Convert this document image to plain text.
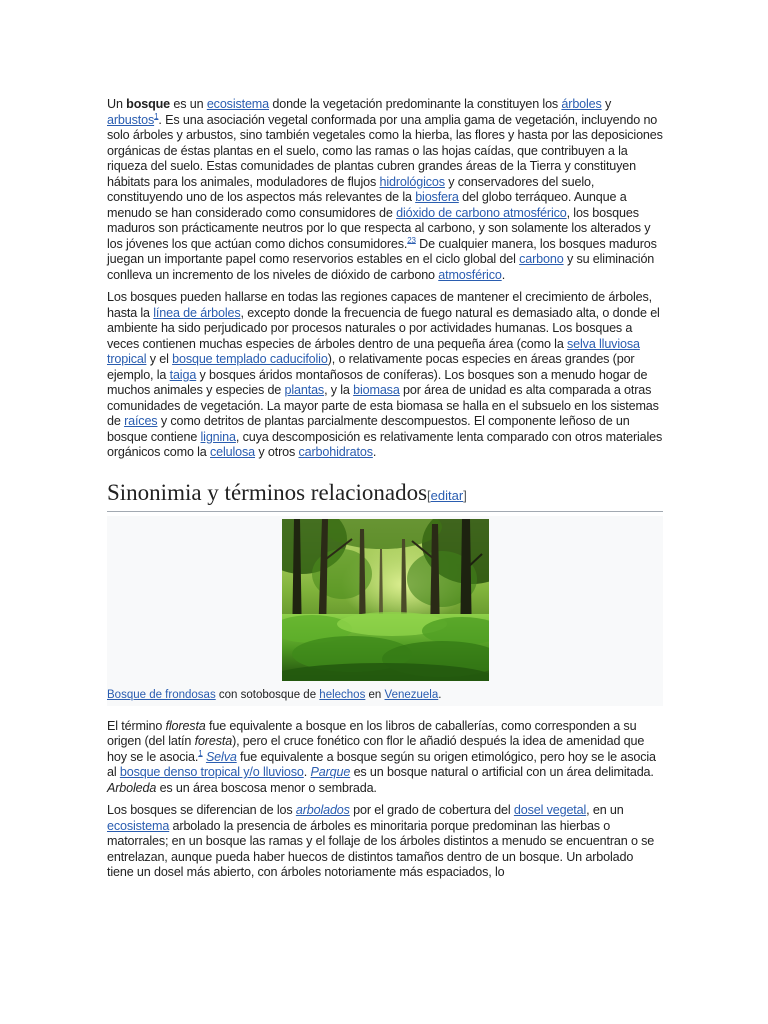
Un bosque es un ecosistema donde la vegetación predominante la constituyen los árboles y arbustos$^1$. Es una asociación vegetal conformada por una amplia gama de vegetación, incluyendo no solo árboles y arbustos, sino también vegetales como la hierba, las flores y hasta por las deposiciones orgánicas de éstas plantas en el suelo, como las ramas o las hojas caídas, que contribuyen a la riqueza del suelo. Estas comunidades de plantas cubren grandes áreas de la Tierra y constituyen hábitats para los animales, moduladores de flujos hidrológicos y conservadores del suelo, constituyendo uno de los aspectos más relevantes de la biosfera del globo terráqueo. Aunque a menudo se han considerado como consumidores de dióxido de carbono atmosférico, los bosques maduros son prácticamente neutros por lo que respecta al carbono, y son solamente los alterados y los jóvenes los que actúan como dichos consumidores.$^{23}$ De cualquier manera, los bosques maduros juegan un importante papel como reservorios estables en el ciclo global del carbono y su eliminación conlleva un incremento de los niveles de dióxido de carbono atmosférico.

Los bosques pueden hallarse en todas las regiones capaces de mantener el crecimiento de árboles, hasta la línea de árboles, excepto donde la frecuencia de fuego natural es demasiado alta, o donde el ambiente ha sido perjudicado por procesos naturales o por actividades humanas. Los bosques a veces contienen muchas especies de árboles dentro de una pequeña área (como la selva lluviosa tropical y el bosque templado caducifolio), o relativamente pocas especies en áreas grandes (por ejemplo, la taiga y bosques áridos montañosos de coníferas). Los bosques son a menudo hogar de muchos animales y especies de plantas, y la biomasa por área de unidad es alta comparada a otras comunidades de vegetación. La mayor parte de esta biomasa se halla en el subsuelo en los sistemas de raíces y como detritos de plantas parcialmente descompuestos. El componente leñoso de un bosque contiene lignina, cuya descomposición es relativamente lenta comparado con otros materiales orgánicos como la celulosa y otros carbohidratos.

Sinonimia y términos relacionados[editar]
Bosque de frondosas con sotobosque de helechos en Venezuela.

El término floresta fue equivalente a bosque en los libros de caballerías, como corresponden a su origen (del latín foresta), pero el cruce fonético con flor le añadió después la idea de amenidad que hoy se le asocia.$^1$ Selva fue equivalente a bosque según su origen etimológico, pero hoy se le asocia al bosque denso tropical y/o lluvioso. Parque es un bosque natural o artificial con un área delimitada. Arboleda es un área boscosa menor o sembrada.

Los bosques se diferencian de los arbolados por el grado de cobertura del dosel vegetal, en un ecosistema arbolado la presencia de árboles es minoritaria porque predominan las hierbas o matorrales; en un bosque las ramas y el follaje de los árboles distintos a menudo se encuentran o se entrelazan, aunque pueda haber huecos de distintos tamaños dentro de un bosque. Un arbolado tiene un dosel más abierto, con árboles notoriamente más espaciados, lo
